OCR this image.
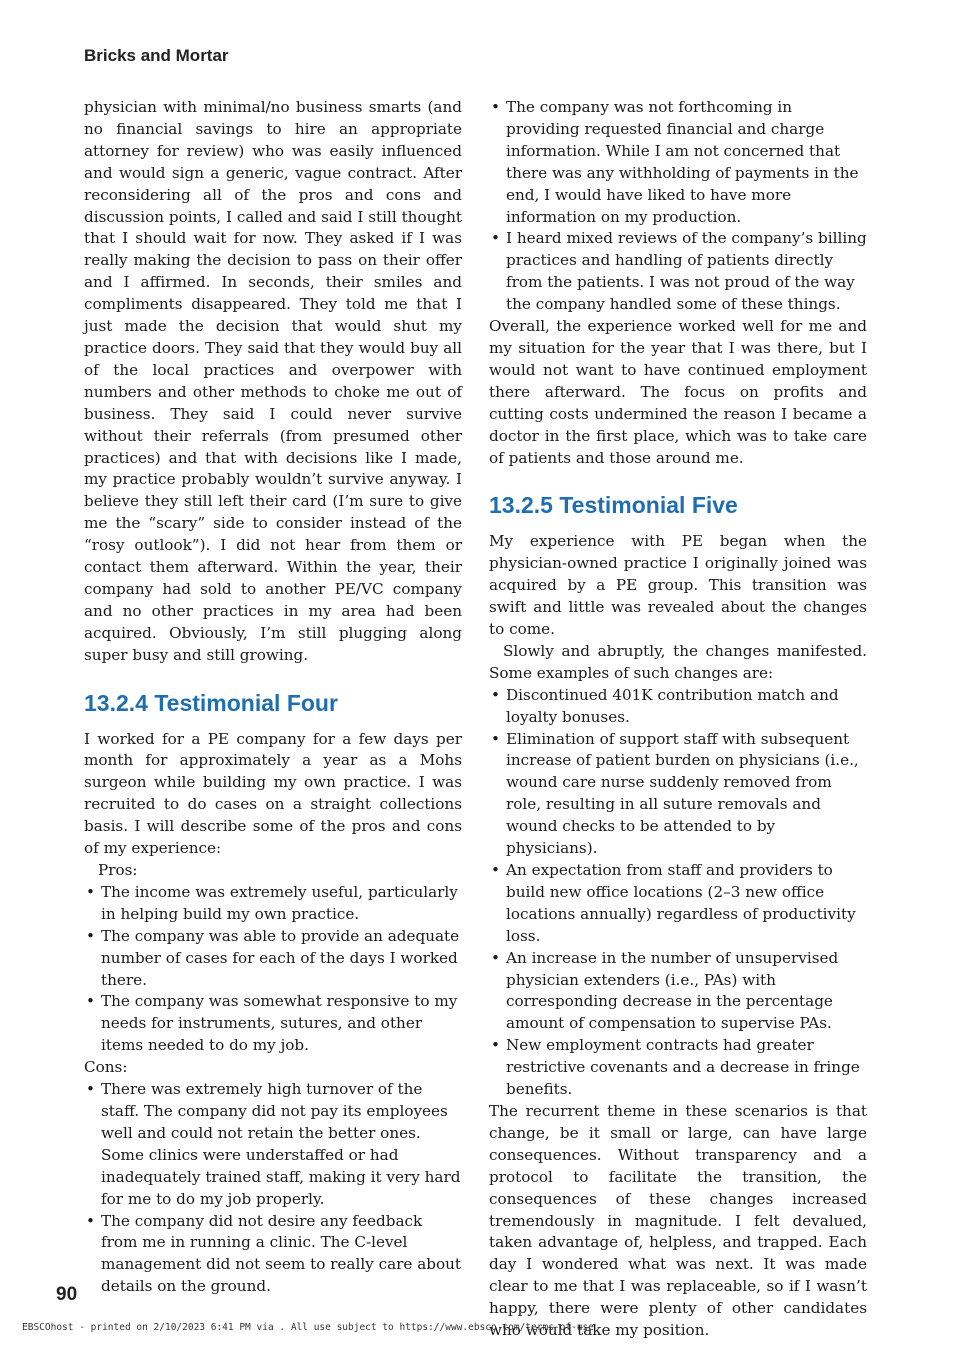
Bricks and Mortar

physician with minimal/no business smarts (and no financial savings to hire an appropriate attorney for review) who was easily influenced and would sign a generic, vague contract. After reconsidering all of the pros and cons and discussion points, I called and said I still thought that I should wait for now. They asked if I was really making the decision to pass on their offer and I affirmed. In seconds, their smiles and compliments disappeared. They told me that I just made the decision that would shut my practice doors. They said that they would buy all of the local practices and overpower with numbers and other methods to choke me out of business. They said I could never survive without their referrals (from presumed other practices) and that with decisions like I made, my practice probably wouldn’t survive anyway. I believe they still left their card (I’m sure to give me the “scary” side to consider instead of the “rosy outlook”). I did not hear from them or contact them afterward. Within the year, their company had sold to another PE/VC company and no other practices in my area had been acquired. Obviously, I’m still plugging along super busy and still growing.

13.2.4 Testimonial Four

I worked for a PE company for a few days per month for approximately a year as a Mohs surgeon while building my own practice. I was recruited to do cases on a straight collections basis. I will describe some of the pros and cons of my experience:

Pros:

• The income was extremely useful, particularly in helping build my own practice.
• The company was able to provide an adequate number of cases for each of the days I worked there.
• The company was somewhat responsive to my needs for instruments, sutures, and other items needed to do my job.

Cons:

• There was extremely high turnover of the staff. The company did not pay its employees well and could not retain the better ones. Some clinics were understaffed or had inadequately trained staff, making it very hard for me to do my job properly.
• The company did not desire any feedback from me in running a clinic. The C-level management did not seem to really care about details on the ground.
• The company was not forthcoming in providing requested financial and charge information. While I am not concerned that there was any withholding of payments in the end, I would have liked to have more information on my production.
• I heard mixed reviews of the company’s billing practices and handling of patients directly from the patients. I was not proud of the way the company handled some of these things.

Overall, the experience worked well for me and my situation for the year that I was there, but I would not want to have continued employment there afterward. The focus on profits and cutting costs undermined the reason I became a doctor in the first place, which was to take care of patients and those around me.

13.2.5 Testimonial Five

My experience with PE began when the physician-owned practice I originally joined was acquired by a PE group. This transition was swift and little was revealed about the changes to come.

Slowly and abruptly, the changes manifested. Some examples of such changes are:

• Discontinued 401K contribution match and loyalty bonuses.
• Elimination of support staff with subsequent increase of patient burden on physicians (i.e., wound care nurse suddenly removed from role, resulting in all suture removals and wound checks to be attended to by physicians).
• An expectation from staff and providers to build new office locations (2–3 new office locations annually) regardless of productivity loss.
• An increase in the number of unsupervised physician extenders (i.e., PAs) with corresponding decrease in the percentage amount of compensation to supervise PAs.
• New employment contracts had greater restrictive covenants and a decrease in fringe benefits.

The recurrent theme in these scenarios is that change, be it small or large, can have large consequences. Without transparency and a protocol to facilitate the transition, the consequences of these changes increased tremendously in magnitude. I felt devalued, taken advantage of, helpless, and trapped. Each day I wondered what was next. It was made clear to me that I was replaceable, so if I wasn’t happy, there were plenty of other candidates who would take my position.

90
EBSCOhost - printed on 2/10/2023 6:41 PM via . All use subject to https://www.ebsco.com/terms-of-use
